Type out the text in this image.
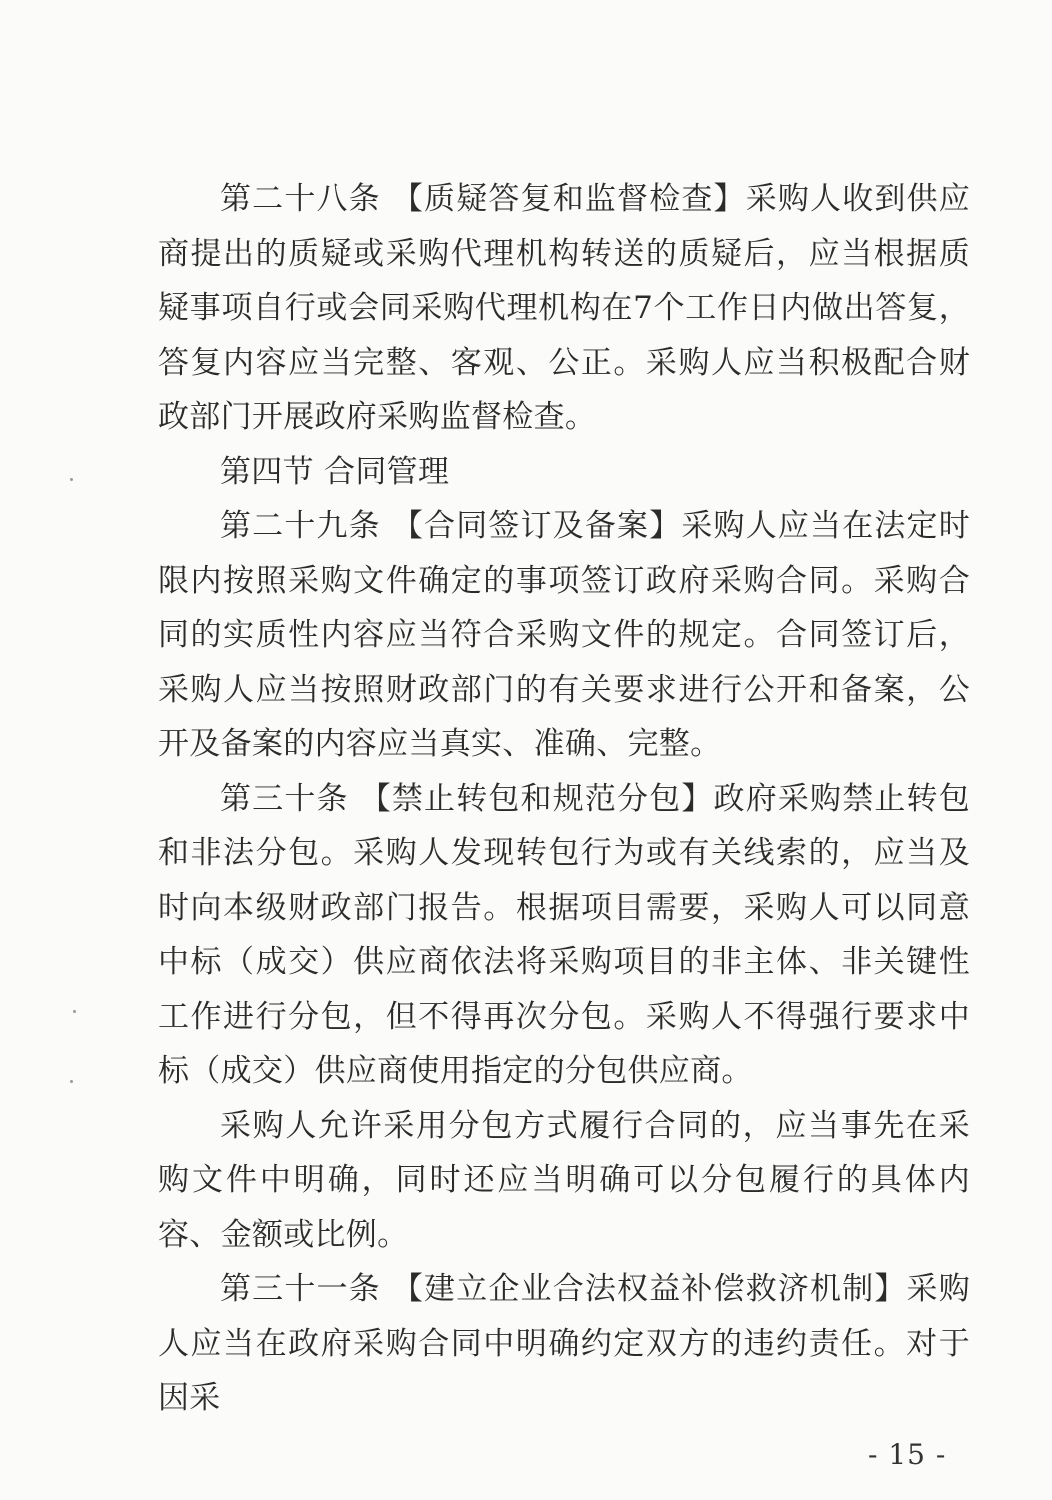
第二十八条 【质疑答复和监督检查】采购人收到供应商提出的质疑或采购代理机构转送的质疑后，应当根据质疑事项自行或会同采购代理机构在7个工作日内做出答复，答复内容应当完整、客观、公正。采购人应当积极配合财政部门开展政府采购监督检查。

第四节 合同管理

第二十九条 【合同签订及备案】采购人应当在法定时限内按照采购文件确定的事项签订政府采购合同。采购合同的实质性内容应当符合采购文件的规定。合同签订后，采购人应当按照财政部门的有关要求进行公开和备案，公开及备案的内容应当真实、准确、完整。

第三十条 【禁止转包和规范分包】政府采购禁止转包和非法分包。采购人发现转包行为或有关线索的，应当及时向本级财政部门报告。根据项目需要，采购人可以同意中标（成交）供应商依法将采购项目的非主体、非关键性工作进行分包，但不得再次分包。采购人不得强行要求中标（成交）供应商使用指定的分包供应商。

采购人允许采用分包方式履行合同的，应当事先在采购文件中明确，同时还应当明确可以分包履行的具体内容、金额或比例。

第三十一条 【建立企业合法权益补偿救济机制】采购人应当在政府采购合同中明确约定双方的违约责任。对于因采

- 15 -
